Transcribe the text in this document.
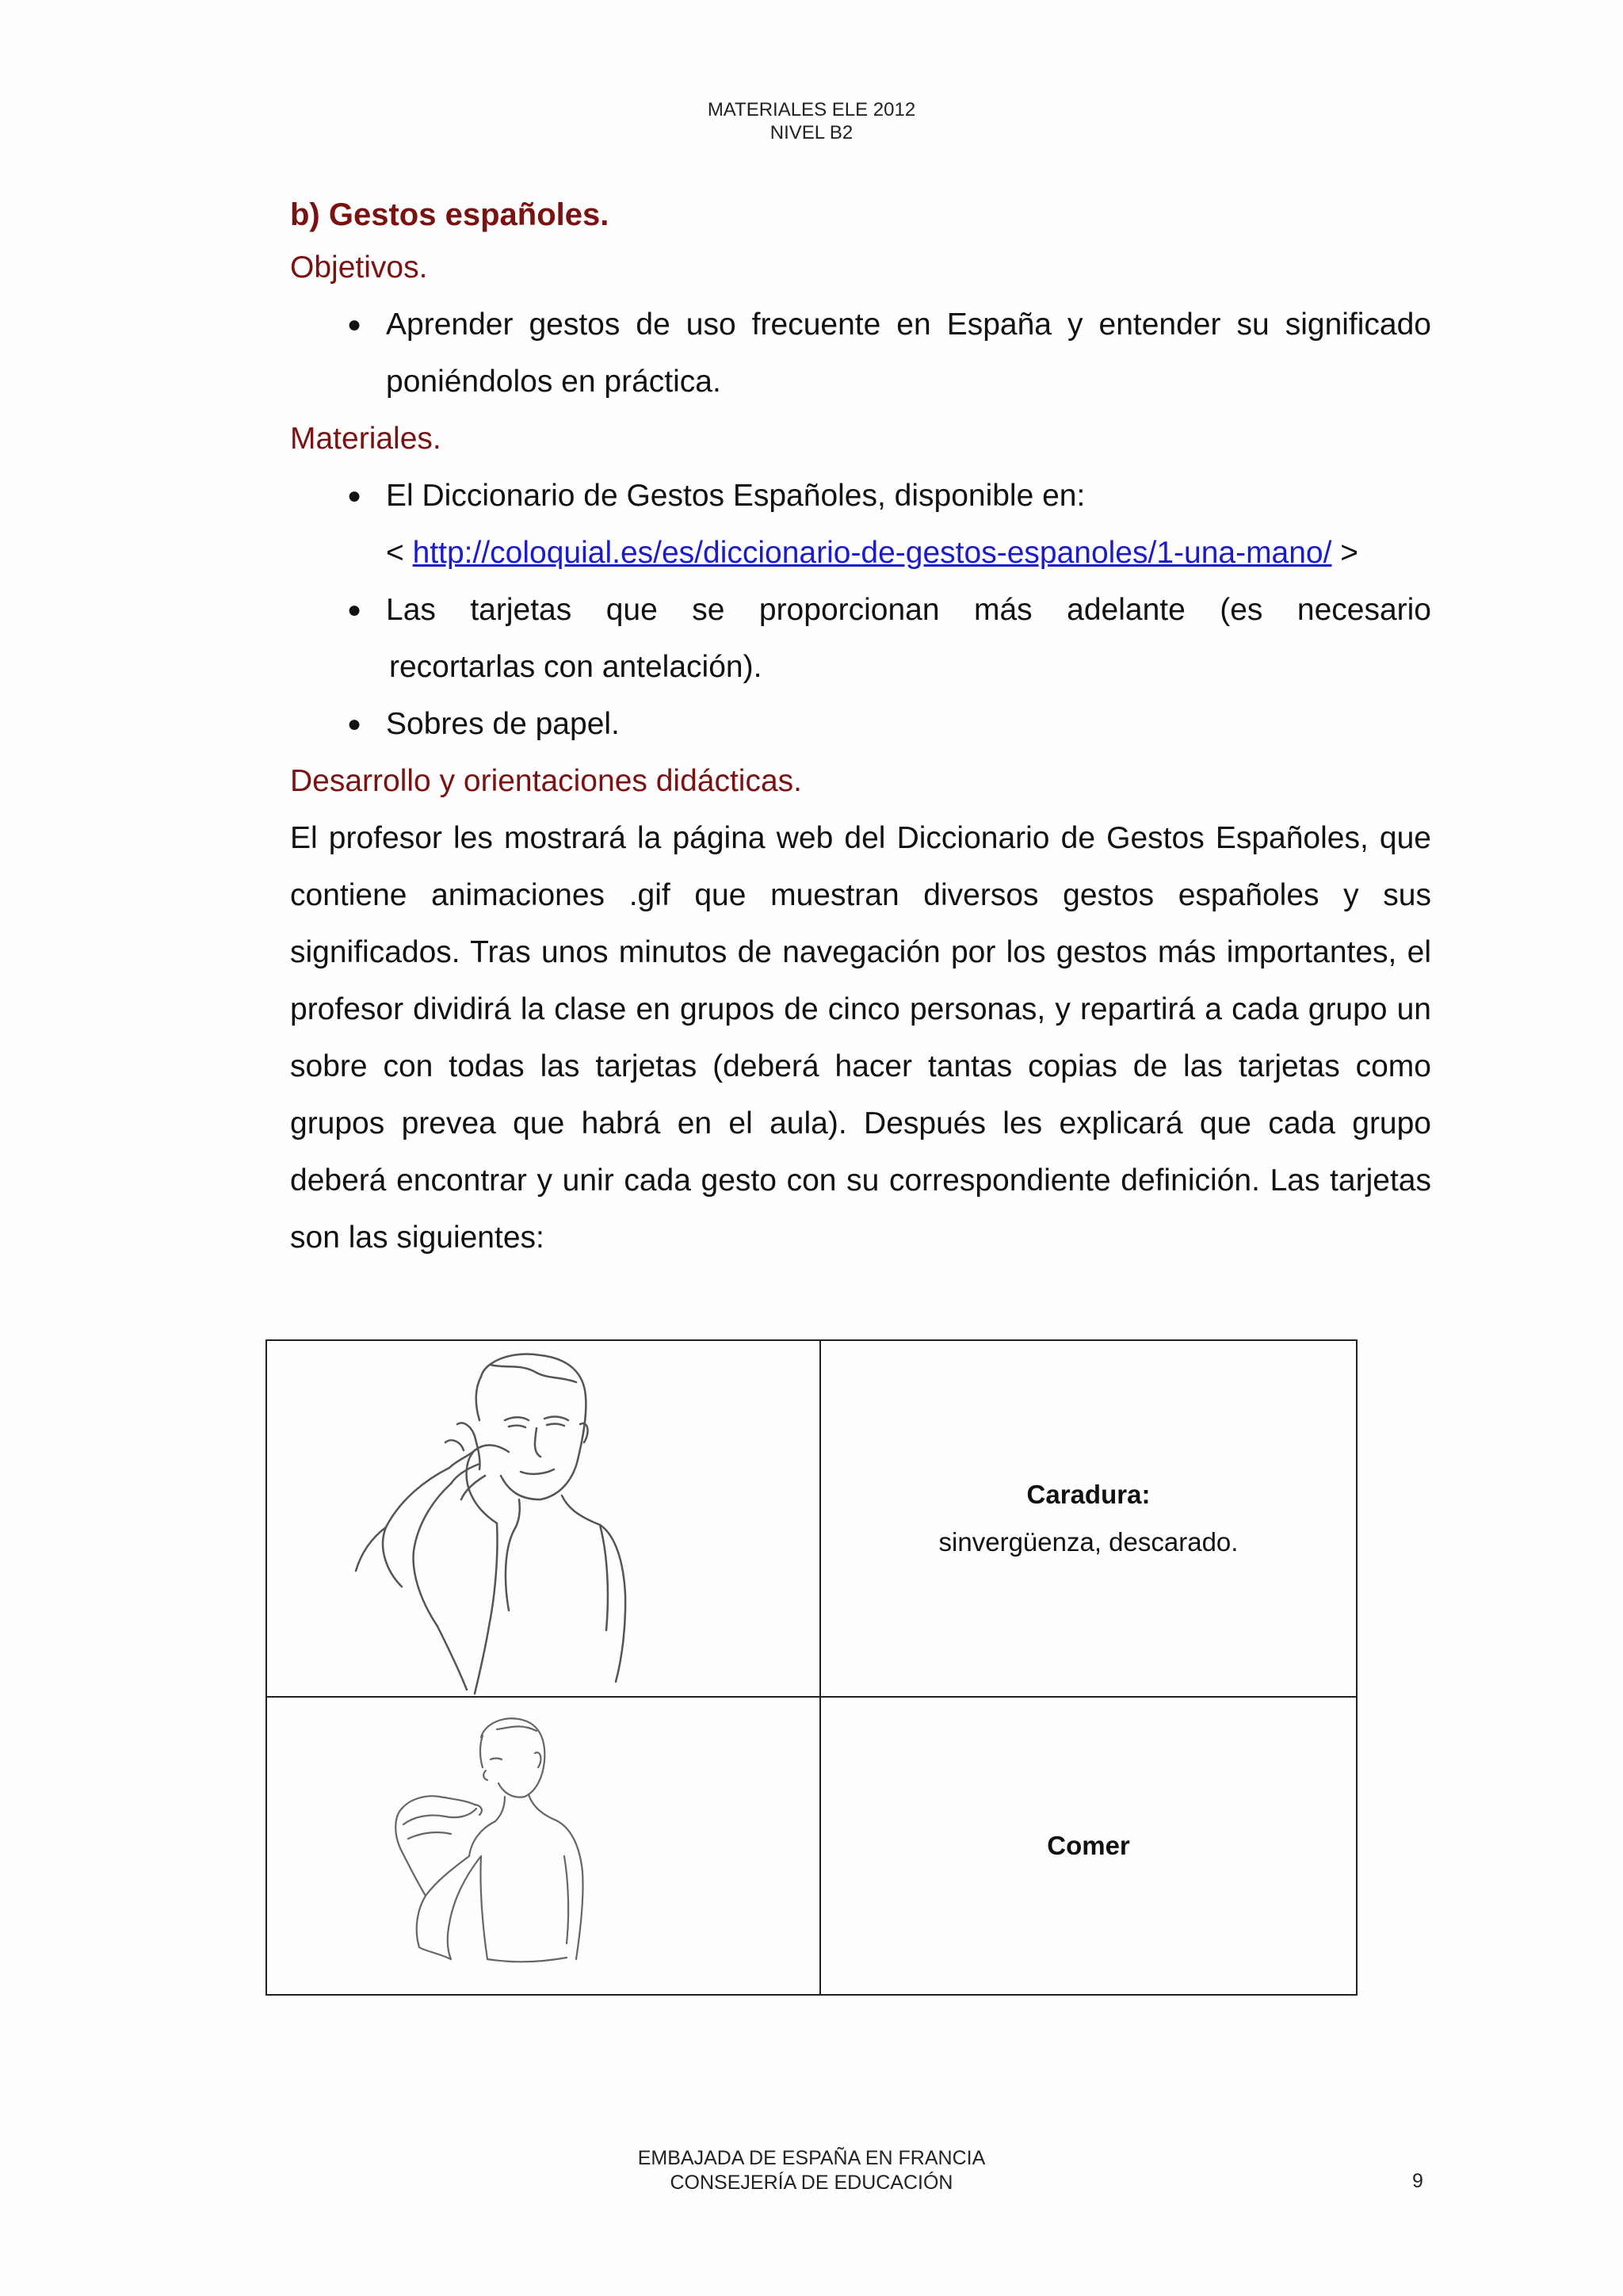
MATERIALES ELE 2012
NIVEL B2
b) Gestos españoles.
Objetivos.
● Aprender gestos de uso frecuente en España y entender su significado
poniéndolos en práctica.
Materiales.
● El Diccionario de Gestos Españoles, disponible en:
< http://coloquial.es/es/diccionario-de-gestos-espanoles/1-una-mano/ >
● Las tarjetas que se proporcionan más adelante (es necesario
recortarlas con antelación).
● Sobres de papel.
Desarrollo y orientaciones didácticas.

El profesor les mostrará la página web del Diccionario de Gestos Españoles, que contiene animaciones .gif que muestran diversos gestos españoles y sus significados. Tras unos minutos de navegación por los gestos más importantes, el profesor dividirá la clase en grupos de cinco personas, y repartirá a cada grupo un sobre con todas las tarjetas (deberá hacer tantas copias de las tarjetas como grupos prevea que habrá en el aula). Después les explicará que cada grupo deberá encontrar y unir cada gesto con su correspondiente definición. Las tarjetas son las siguientes:

Caradura:
sinvergüenza, descarado.

Comer
EMBAJADA DE ESPAÑA EN FRANCIA
CONSEJERÍA DE EDUCACIÓN	9
